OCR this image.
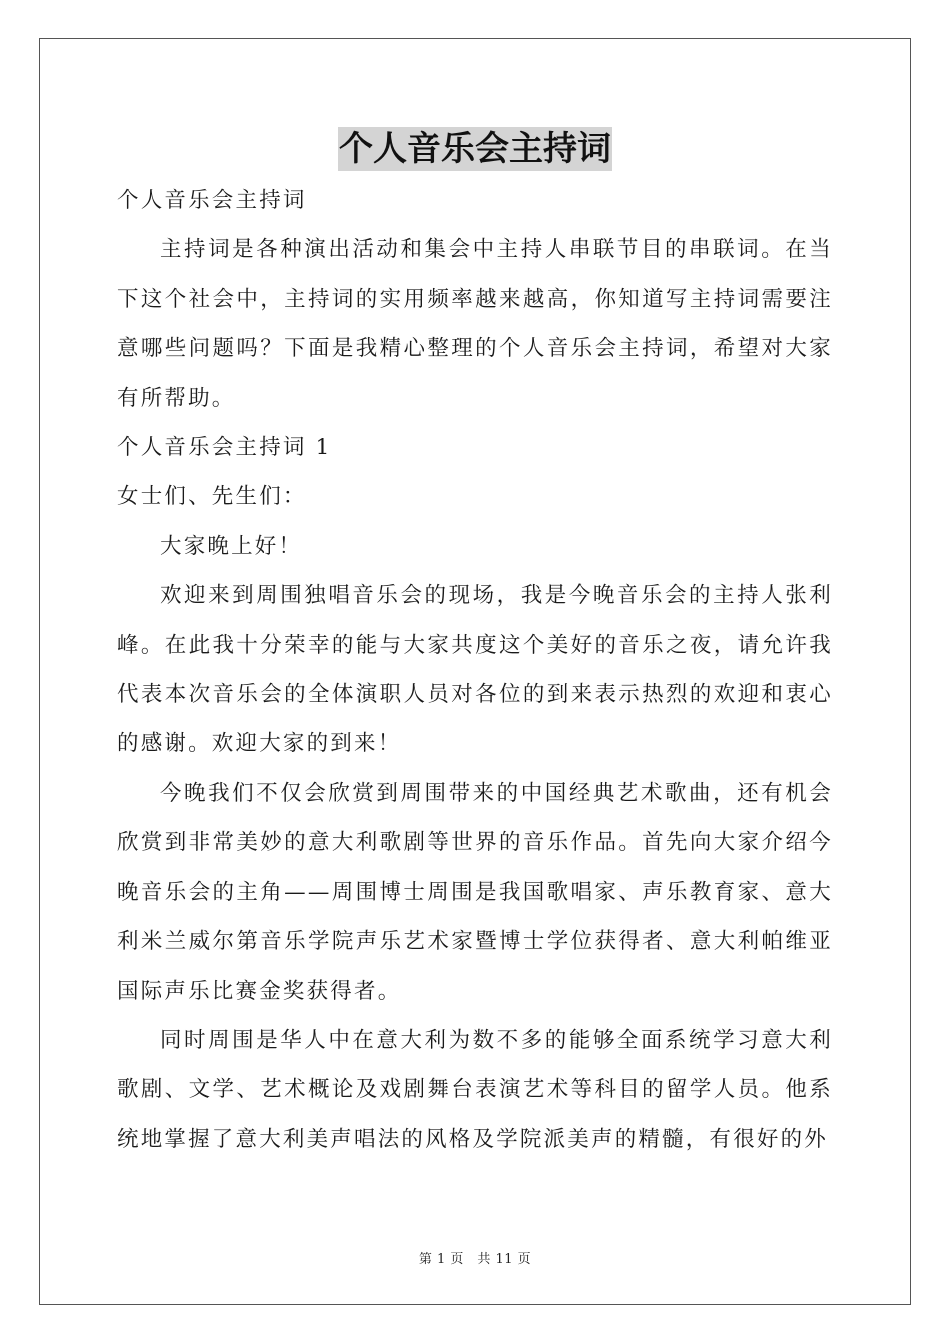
个人音乐会主持词

个人音乐会主持词

主持词是各种演出活动和集会中主持人串联节目的串联词。在当下这个社会中，主持词的实用频率越来越高，你知道写主持词需要注意哪些问题吗？下面是我精心整理的个人音乐会主持词，希望对大家有所帮助。

个人音乐会主持词 1

女士们、先生们：

大家晚上好！

欢迎来到周围独唱音乐会的现场，我是今晚音乐会的主持人张利峰。在此我十分荣幸的能与大家共度这个美好的音乐之夜，请允许我代表本次音乐会的全体演职人员对各位的到来表示热烈的欢迎和衷心的感谢。欢迎大家的到来！

今晚我们不仅会欣赏到周围带来的中国经典艺术歌曲，还有机会欣赏到非常美妙的意大利歌剧等世界的音乐作品。首先向大家介绍今晚音乐会的主角——周围博士周围是我国歌唱家、声乐教育家、意大利米兰威尔第音乐学院声乐艺术家暨博士学位获得者、意大利帕维亚国际声乐比赛金奖获得者。

同时周围是华人中在意大利为数不多的能够全面系统学习意大利歌剧、文学、艺术概论及戏剧舞台表演艺术等科目的留学人员。他系统地掌握了意大利美声唱法的风格及学院派美声的精髓，有很好的外

第 1 页　共 11 页
